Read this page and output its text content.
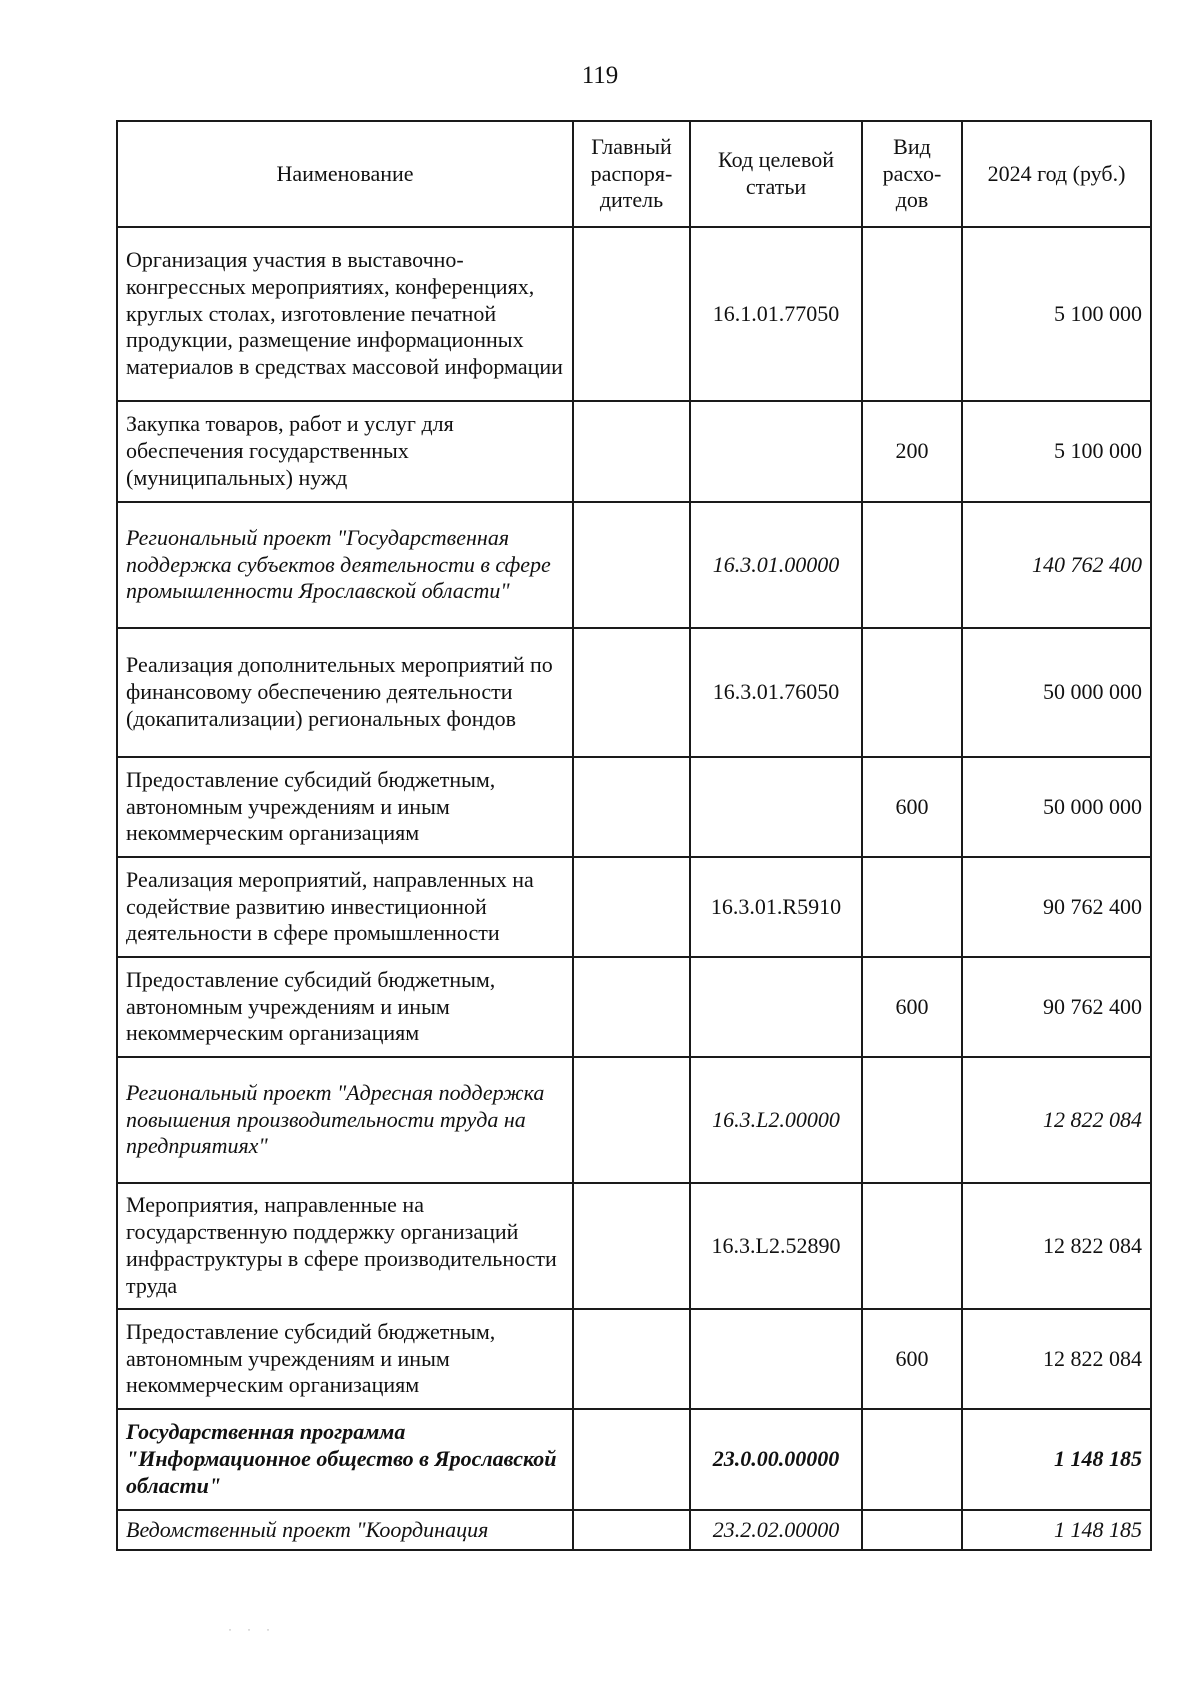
119
Наименование	Главный распоря-дитель	Код целевой статьи	Вид расхо-дов	2024 год (руб.)
Организация участия в выставочно-конгрессных мероприятиях, конференциях, круглых столах, изготовление печатной продукции, размещение информационных материалов в средствах массовой информации		16.1.01.77050		5 100 000
Закупка товаров, работ и услуг для обеспечения государственных (муниципальных) нужд			200	5 100 000
Региональный проект "Государственная поддержка субъектов деятельности в сфере промышленности Ярославской области"		16.3.01.00000		140 762 400
Реализация дополнительных мероприятий по финансовому обеспечению деятельности (докапитализации) региональных фондов		16.3.01.76050		50 000 000
Предоставление субсидий бюджетным, автономным учреждениям и иным некоммерческим организациям			600	50 000 000
Реализация мероприятий, направленных на содействие развитию инвестиционной деятельности в сфере промышленности		16.3.01.R5910		90 762 400
Предоставление субсидий бюджетным, автономным учреждениям и иным некоммерческим организациям			600	90 762 400
Региональный проект "Адресная поддержка повышения производительности труда на предприятиях"		16.3.L2.00000		12 822 084
Мероприятия, направленные на государственную поддержку организаций инфраструктуры в сфере производительности труда		16.3.L2.52890		12 822 084
Предоставление субсидий бюджетным, автономным учреждениям и иным некоммерческим организациям			600	12 822 084
Государственная программа "Информационное общество в Ярославской области"		23.0.00.00000		1 148 185
Ведомственный проект "Координация		23.2.02.00000		1 148 185
˙ ˙ ˙
